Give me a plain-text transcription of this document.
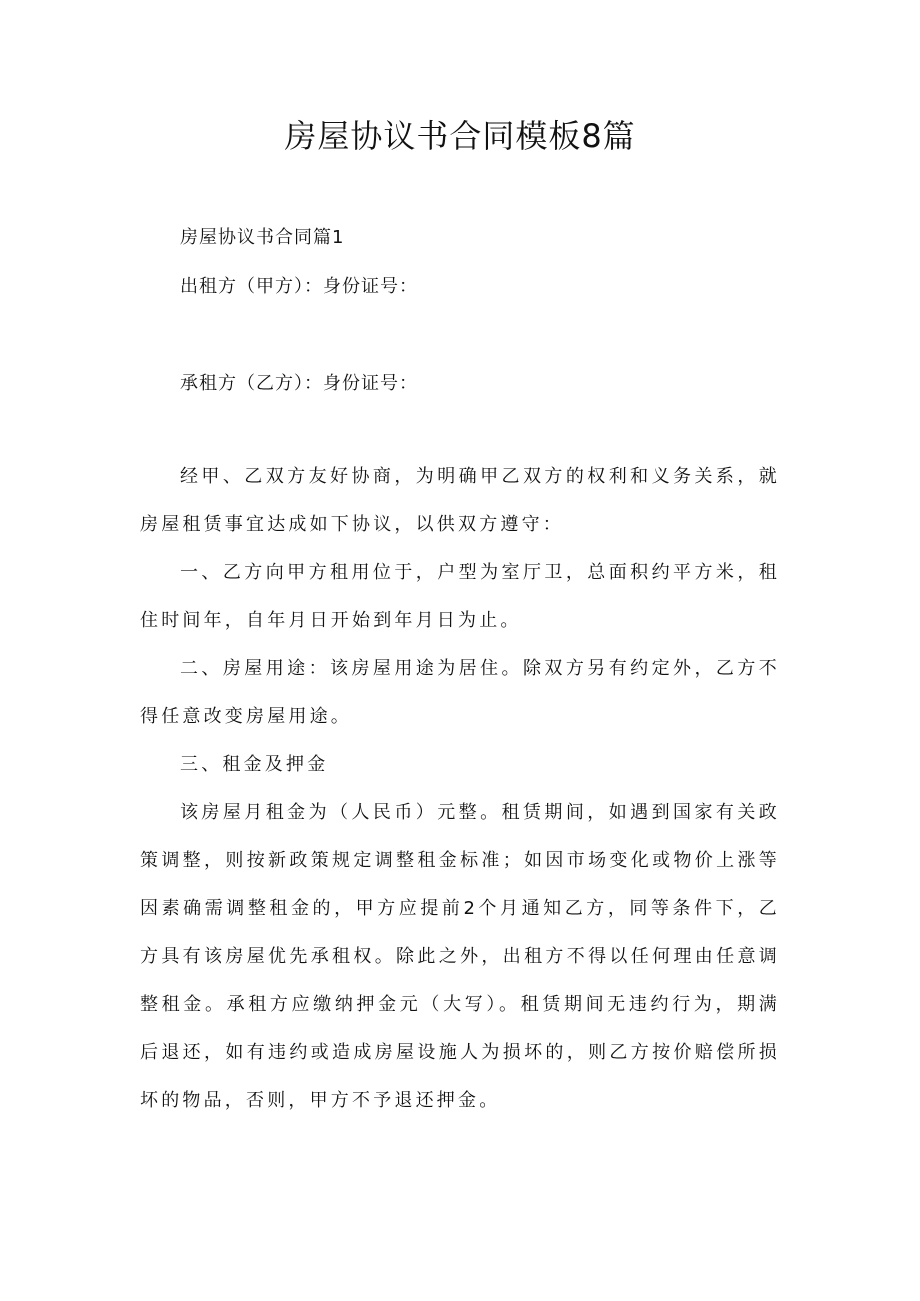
房屋协议书合同模板8篇
房屋协议书合同篇1
出租方（甲方）：身份证号：
承租方（乙方）：身份证号：

经甲、乙双方友好协商，为明确甲乙双方的权利和义务关系，就房屋租赁事宜达成如下协议，以供双方遵守：

一、乙方向甲方租用位于，户型为室厅卫，总面积约平方米，租住时间年，自年月日开始到年月日为止。

二、房屋用途：该房屋用途为居住。除双方另有约定外，乙方不得任意改变房屋用途。

三、租金及押金

该房屋月租金为（人民币）元整。租赁期间，如遇到国家有关政策调整，则按新政策规定调整租金标准；如因市场变化或物价上涨等因素确需调整租金的，甲方应提前2个月通知乙方，同等条件下，乙方具有该房屋优先承租权。除此之外，出租方不得以任何理由任意调整租金。承租方应缴纳押金元（大写）。租赁期间无违约行为，期满后退还，如有违约或造成房屋设施人为损坏的，则乙方按价赔偿所损坏的物品，否则，甲方不予退还押金。
